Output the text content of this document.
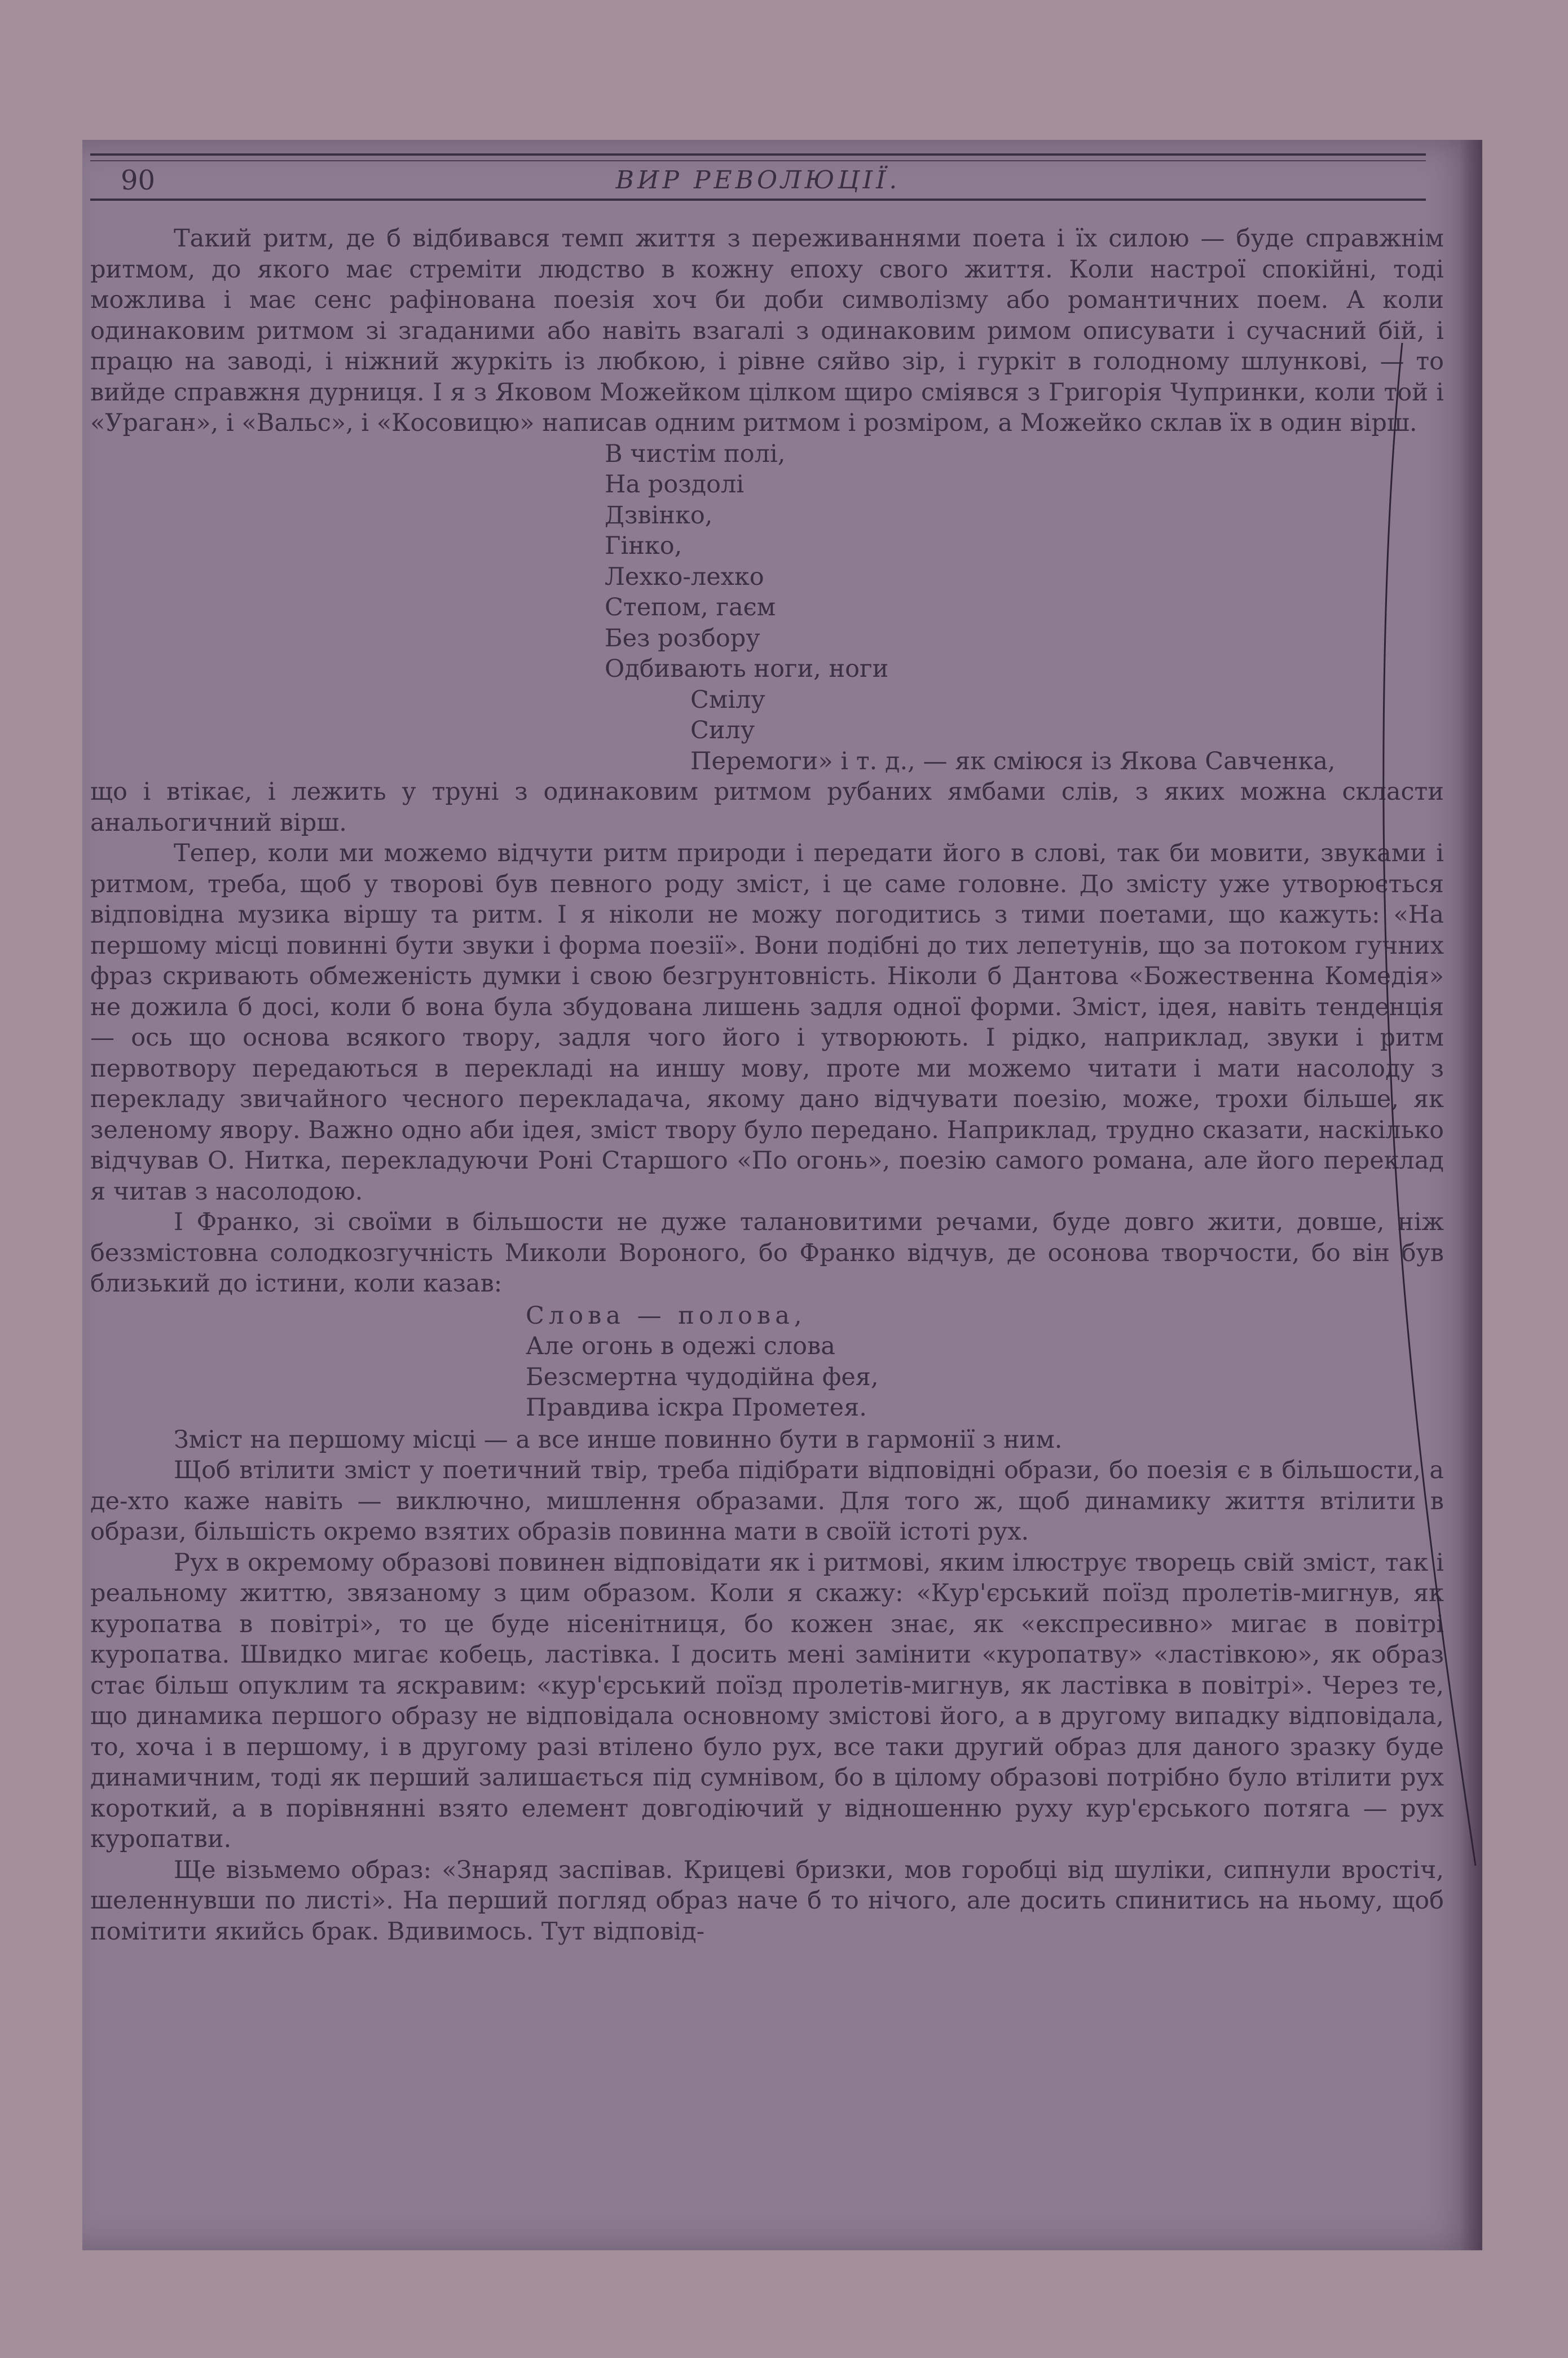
90	ВИР РЕВОЛЮЦІЇ.

Такий ритм, де б відбивався темп життя з переживаннями поета і їх силою — буде справжнім ритмом, до якого має стреміти людство в кожну епоху свого життя. Коли настрої спокійні, тоді можлива і має сенс рафінована поезія хоч би доби символізму або романтичних поем. А коли одинаковим ритмом зі згаданими або навіть взагалі з одинаковим римом описувати і сучасний бій, і працю на заводі, і ніжний журкіть із любкою, і рівне сяйво зір, і гуркіт в голодному шлункові, — то вийде справжня дурниця. І я з Яковом Можейком цілком щиро сміявся з Григорія Чупринки, коли той і «Ураган», і «Вальс», і «Косовицю» написав одним ритмом і розміром, а Можейко склав їх в один вірш.

В чистім полі,
На роздолі
Дзвінко,
Гінко,
Лехко-лехко
Степом, гаєм
Без розбору
Одбивають ноги, ноги
Смілу
Силу
Перемоги» і т. д., — як сміюся із Якова Савченка,

що і втікає, і лежить у труні з одинаковим ритмом рубаних ямбами слів, з яких можна скласти анальогичний вірш.

Тепер, коли ми можемо відчути ритм природи і передати його в слові, так би мовити, звуками і ритмом, треба, щоб у творові був певного роду зміст, і це саме головне. До змісту уже утворюється відповідна музика віршу та ритм. І я ніколи не можу погодитись з тими поетами, що кажуть: «На першому місці повинні бути звуки і форма поезії». Вони подібні до тих лепетунів, що за потоком гучних фраз скривають обмеженість думки і свою безгрунтовність. Ніколи б Дантова «Божественна Комедія» не дожила б досі, коли б вона була збудована лишень задля одної форми. Зміст, ідея, навіть тенденція — ось що основа всякого твору, задля чого його і утворюють. І рідко, наприклад, звуки і ритм первотвору передаються в перекладі на иншу мову, проте ми можемо читати і мати насолоду з перекладу звичайного чесного перекладача, якому дано відчувати поезію, може, трохи більше, як зеленому явору. Важно одно аби ідея, зміст твору було передано. Наприклад, трудно сказати, наскілько відчував О. Нитка, перекладуючи Роні Старшого «По огонь», поезію самого романа, але його переклад я читав з насолодою.

І Франко, зі своїми в більшости не дуже талановитими речами, буде довго жити, довше, ніж беззмістовна солодкозгучність Миколи Вороного, бо Франко відчув, де осонова творчости, бо він був близький до істини, коли казав:

Слова — полова,
Але огонь в одежі слова
Безсмертна чудодійна фея,
Правдива іскра Прометея.

Зміст на першому місці — а все инше повинно бути в гармонії з ним.

Щоб втілити зміст у поетичний твір, треба підібрати відповідні образи, бо поезія є в більшости, а де-хто каже навіть — виключно, мишлення образами. Для того ж, щоб динамику життя втілити в образи, більшість окремо взятих образів повинна мати в своїй істоті рух.

Рух в окремому образові повинен відповідати як і ритмові, яким ілюструє творець свій зміст, так і реальному життю, звязаному з цим образом. Коли я скажу: «Кур'єрський поїзд пролетів-мигнув, як куропатва в повітрі», то це буде нісенітниця, бо кожен знає, як «експресивно» мигає в повітрі куропатва. Швидко мигає кобець, ластівка. І досить мені замінити «куропатву» «ластівкою», як образ стає більш опуклим та яскравим: «кур'єрський поїзд пролетів-мигнув, як ластівка в повітрі». Через те, що динамика першого образу не відповідала основному змістові його, а в другому випадку відповідала, то, хоча і в першому, і в другому разі втілено було рух, все таки другий образ для даного зразку буде динамичним, тоді як перший залишається під сумнівом, бо в цілому образові потрібно було втілити рух короткий, а в порівнянні взято елемент довгодіючий у відношенню руху кур'єрського потяга — рух куропатви.

Ще візьмемо образ: «Знаряд заспівав. Крицеві бризки, мов горобці від шуліки, сипнули вростіч, шеленнувши по листі». На перший погляд образ наче б то нічого, але досить спинитись на ньому, щоб помітити якийсь брак. Вдивимось. Тут відповід-
